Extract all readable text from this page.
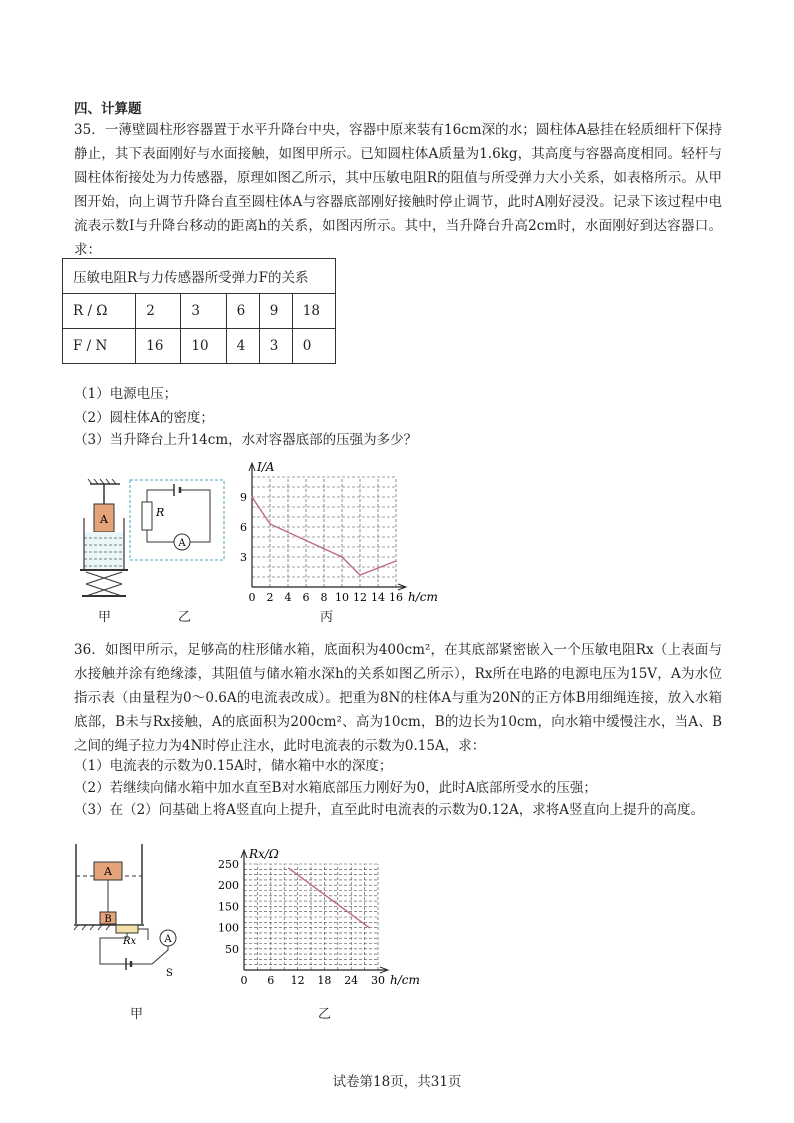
四、计算题
35．一薄壁圆柱形容器置于水平升降台中央，容器中原来装有16cm深的水；圆柱体A悬挂在轻质细杆下保持静止，其下表面刚好与水面接触，如图甲所示。已知圆柱体A质量为1.6kg，其高度与容器高度相同。轻杆与圆柱体衔接处为力传感器，原理如图乙所示，其中压敏电阻R的阻值与所受弹力大小关系，如表格所示。从甲图开始，向上调节升降台直至圆柱体A与容器底部刚好接触时停止调节，此时A刚好浸没。记录下该过程中电流表示数I与升降台移动的距离h的关系，如图丙所示。其中，当升降台升高2cm时，水面刚好到达容器口。求：
压敏电阻R与力传感器所受弹力F的关系					
R / Ω	2	3	6	9	18
F / N	16	10	4	3	0
（1）电源电压；
（2）圆柱体A的密度；
（3）当升降台上升14cm，水对容器底部的压强为多少？
A
R
A
0 2 4 6 8 10 12 14 16
3
6
9
I/A
h/cm
甲	乙	丙
36．如图甲所示，足够高的柱形储水箱，底面积为400cm²，在其底部紧密嵌入一个压敏电阻Rx（上表面与水接触并涂有绝缘漆，其阻值与储水箱水深h的关系如图乙所示），Rx所在电路的电源电压为15V，A为水位指示表（由量程为0～0.6A的电流表改成）。把重为8N的柱体A与重为20N的正方体B用细绳连接，放入水箱底部，B未与Rx接触，A的底面积为200cm²、高为10cm，B的边长为10cm，向水箱中缓慢注水，当A、B之间的绳子拉力为4N时停止注水，此时电流表的示数为0.15A，求：
（1）电流表的示数为0.15A时，储水箱中水的深度；
（2）若继续向储水箱中加水直至B对水箱底部压力刚好为0，此时A底部所受水的压强；
（3）在（2）问基础上将A竖直向上提升，直至此时电流表的示数为0.12A，求将A竖直向上提升的高度。
A
B
Rx	A
S
0 6 12 18 24 30
50
100
150
200
250
Rx/Ω
h/cm
甲	乙
试卷第18页，共31页
